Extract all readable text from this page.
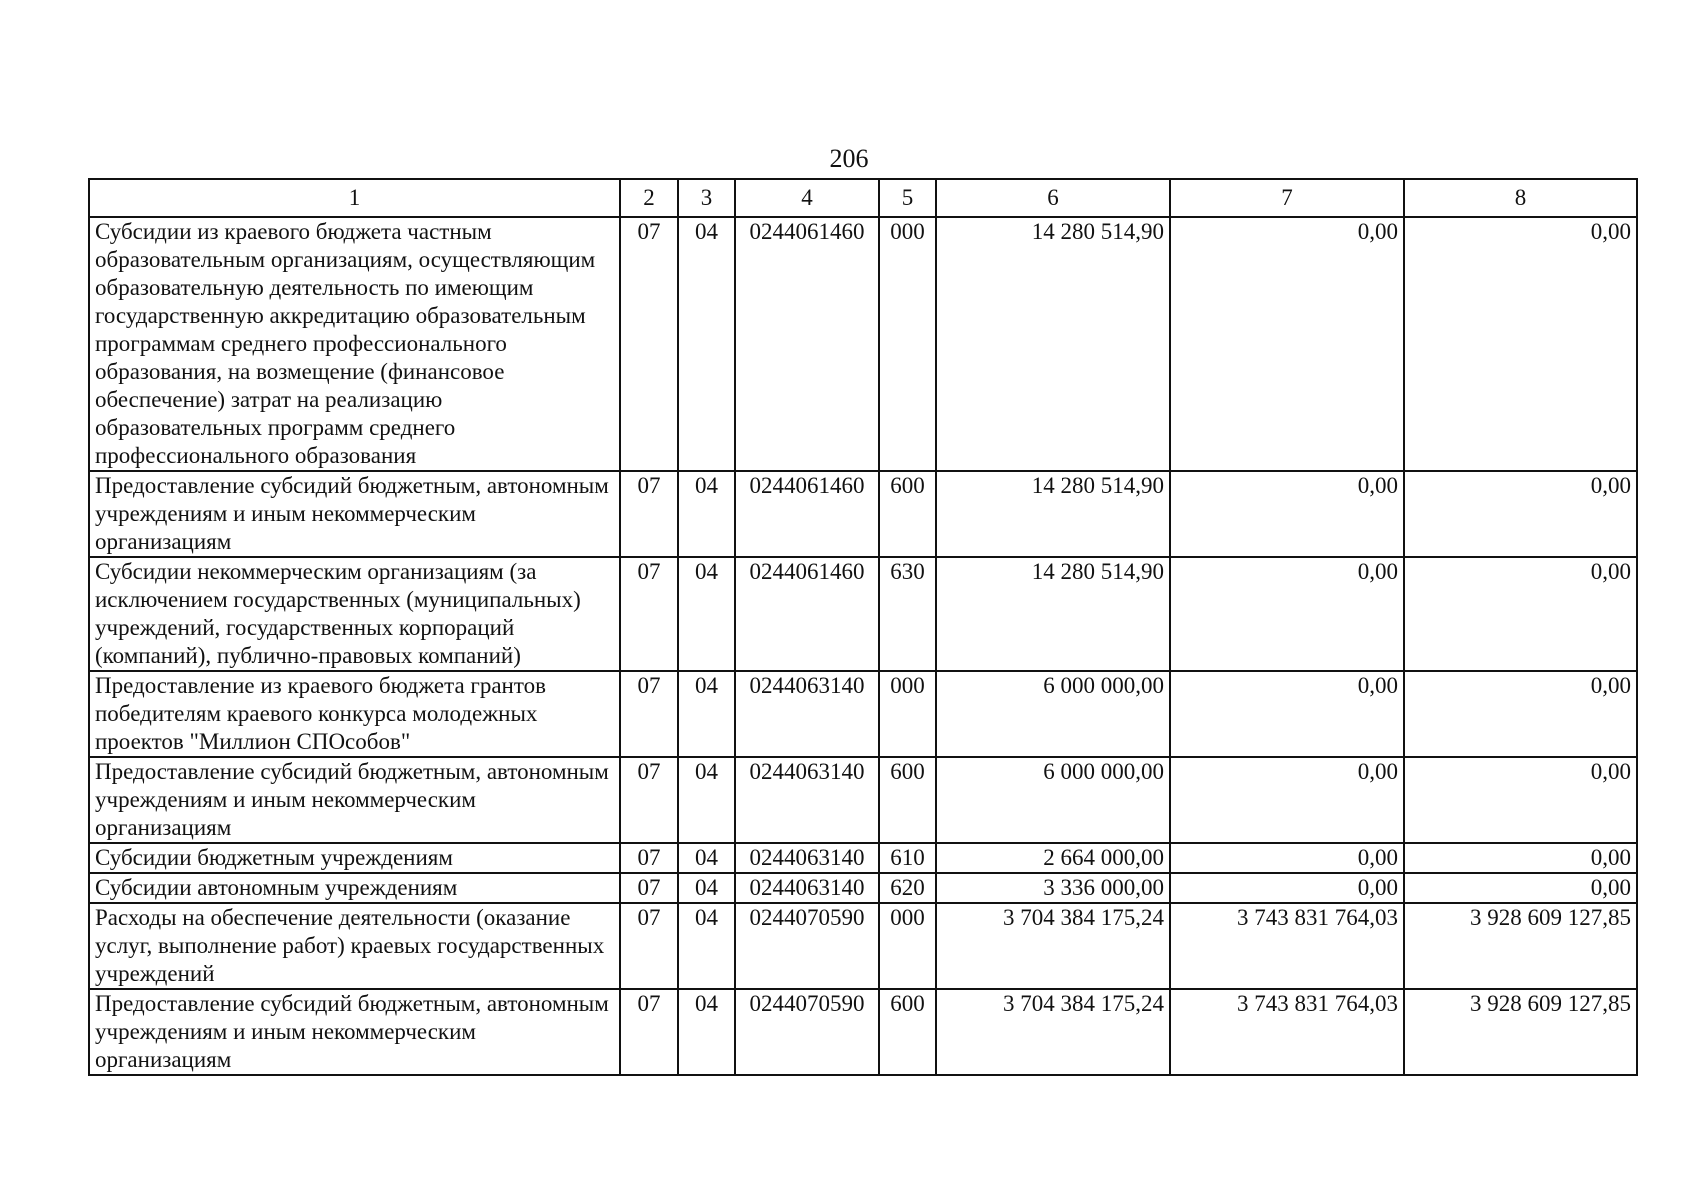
206
1	2	3	4	5	6	7	8
Субсидии из краевого бюджета частным образовательным организациям, осуществляющим образовательную деятельность по имеющим государственную аккредитацию образовательным программам среднего профессионального образования, на возмещение (финансовое обеспечение) затрат на реализацию образовательных программ среднего профессионального образования	07	04	0244061460	000	14 280 514,90	0,00	0,00
Предоставление субсидий бюджетным, автономным учреждениям и иным некоммерческим организациям	07	04	0244061460	600	14 280 514,90	0,00	0,00
Субсидии некоммерческим организациям (за исключением государственных (муниципальных) учреждений, государственных корпораций (компаний), публично-правовых компаний)	07	04	0244061460	630	14 280 514,90	0,00	0,00
Предоставление из краевого бюджета грантов победителям краевого конкурса молодежных проектов "Миллион СПОсобов"	07	04	0244063140	000	6 000 000,00	0,00	0,00
Предоставление субсидий бюджетным, автономным учреждениям и иным некоммерческим организациям	07	04	0244063140	600	6 000 000,00	0,00	0,00
Субсидии бюджетным учреждениям	07	04	0244063140	610	2 664 000,00	0,00	0,00
Субсидии автономным учреждениям	07	04	0244063140	620	3 336 000,00	0,00	0,00
Расходы на обеспечение деятельности (оказание услуг, выполнение работ) краевых государственных учреждений	07	04	0244070590	000	3 704 384 175,24	3 743 831 764,03	3 928 609 127,85
Предоставление субсидий бюджетным, автономным учреждениям и иным некоммерческим организациям	07	04	0244070590	600	3 704 384 175,24	3 743 831 764,03	3 928 609 127,85
